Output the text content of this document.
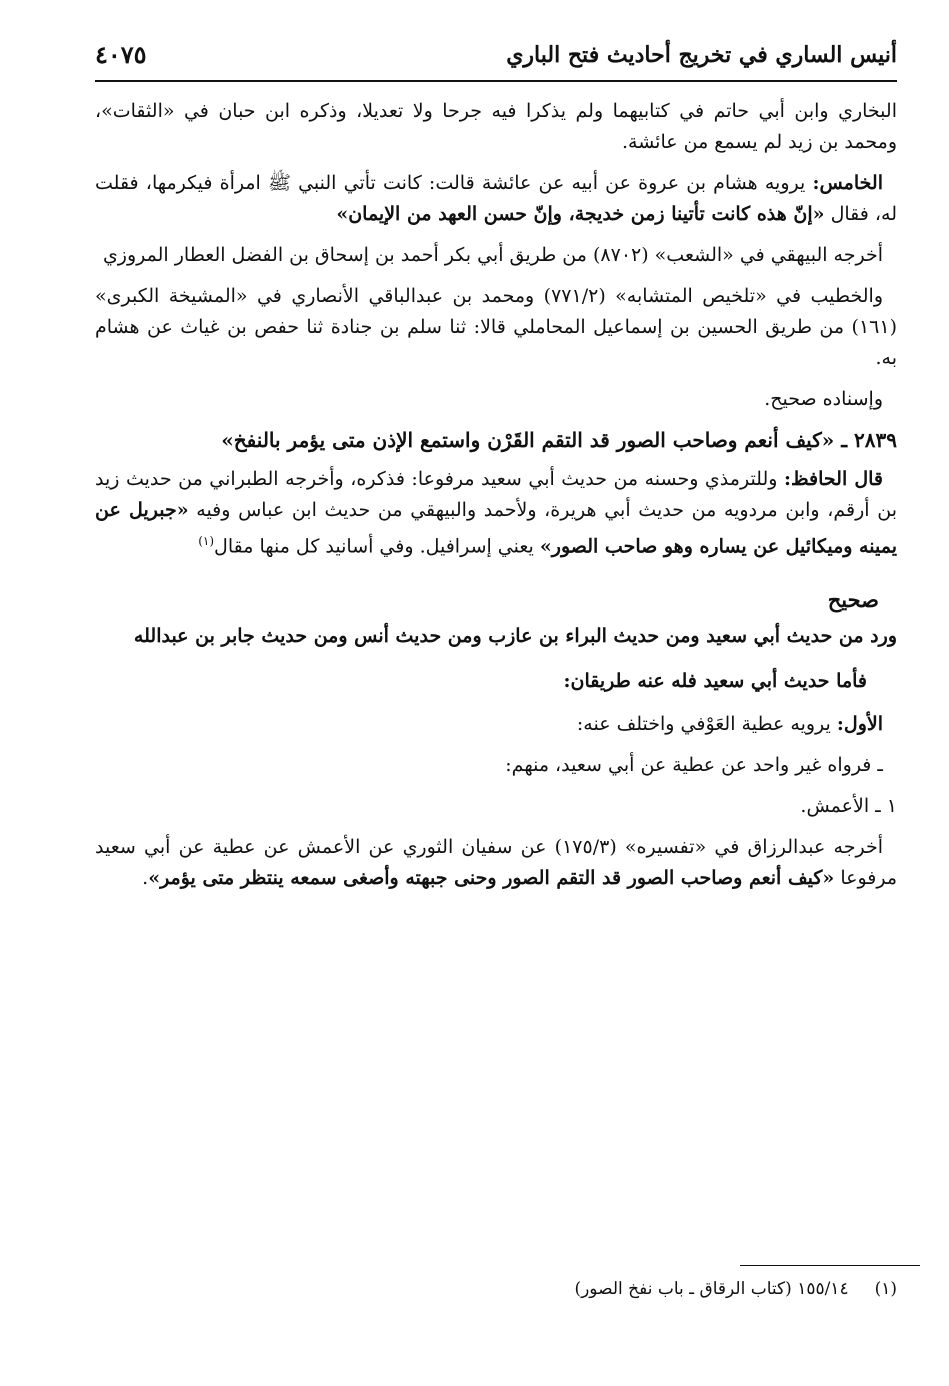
أنيس الساري في تخريج أحاديث فتح الباري
٤٠٧٥

البخاري وابن أبي حاتم في كتابيهما ولم يذكرا فيه جرحا ولا تعديلا، وذكره ابن حبان في «الثقات»، ومحمد بن زيد لم يسمع من عائشة.

الخامس: يرويه هشام بن عروة عن أبيه عن عائشة قالت: كانت تأتي النبي ﷺ امرأة فيكرمها، فقلت له، فقال «إنّ هذه كانت تأتينا زمن خديجة، وإنّ حسن العهد من الإيمان»

أخرجه البيهقي في «الشعب» (٨٧٠٢) من طريق أبي بكر أحمد بن إسحاق بن الفضل العطار المروزي

والخطيب في «تلخيص المتشابه» (٧٧١/٢) ومحمد بن عبدالباقي الأنصاري في «المشيخة الكبرى» (١٦١) من طريق الحسين بن إسماعيل المحاملي قالا: ثنا سلم بن جنادة ثنا حفص بن غياث عن هشام به.

وإسناده صحيح.

٢٨٣٩ ـ «كيف أنعم وصاحب الصور قد التقم القَرْن واستمع الإذن متى يؤمر بالنفخ»

قال الحافظ: وللترمذي وحسنه من حديث أبي سعيد مرفوعا: فذكره، وأخرجه الطبراني من حديث زيد بن أرقم، وابن مردويه من حديث أبي هريرة، ولأحمد والبيهقي من حديث ابن عباس وفيه «جبريل عن يمينه وميكائيل عن يساره وهو صاحب الصور» يعني إسرافيل. وفي أسانيد كل منها مقال$^{(١)}$

صحيح

ورد من حديث أبي سعيد ومن حديث البراء بن عازب ومن حديث أنس ومن حديث جابر بن عبدالله

فأما حديث أبي سعيد فله عنه طريقان:

الأول: يرويه عطية العَوْفي واختلف عنه:

ـ فرواه غير واحد عن عطية عن أبي سعيد، منهم:

١ ـ الأعمش.

أخرجه عبدالرزاق في «تفسيره» (١٧٥/٣) عن سفيان الثوري عن الأعمش عن عطية عن أبي سعيد مرفوعا «كيف أنعم وصاحب الصور قد التقم الصور وحنى جبهته وأصغى سمعه ينتظر متى يؤمر».

(١)١٥٥/١٤ (كتاب الرقاق ـ باب نفخ الصور)
